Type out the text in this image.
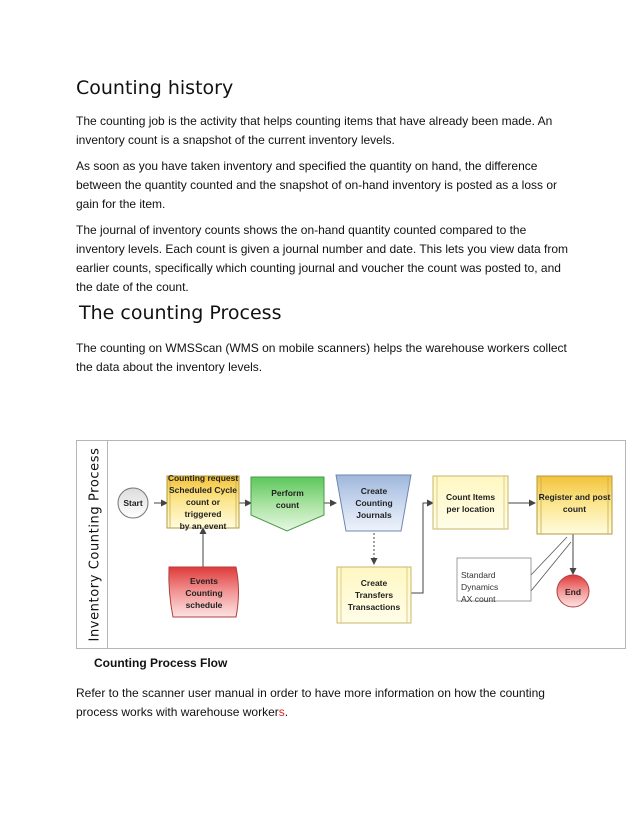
Counting history

The counting job is the activity that helps counting items that have already been made. An inventory count is a snapshot of the current inventory levels.

As soon as you have taken inventory and specified the quantity on hand, the difference between the quantity counted and the snapshot of on-hand inventory is posted as a loss or gain for the item.

The journal of inventory counts shows the on-hand quantity counted compared to the inventory levels. Each count is given a journal number and date. This lets you view data from earlier counts, specifically which counting journal and voucher the count was posted to, and the date of the count.

The counting Process

The counting on WMSScan (WMS on mobile scanners) helps the warehouse workers collect the data about the inventory levels.

Inventory Counting Process	Start
Counting request
Scheduled Cycle
count or triggered
by an event
Perform
count
Create
Counting
Journals
Count Items
per location
Register and post
count
Events
Counting
schedule
Create
Transfers
Transactions
Standard Dynamics
AX count
End

Counting Process Flow

Refer to the scanner user manual in order to have more information on how the counting process works with warehouse workers.
